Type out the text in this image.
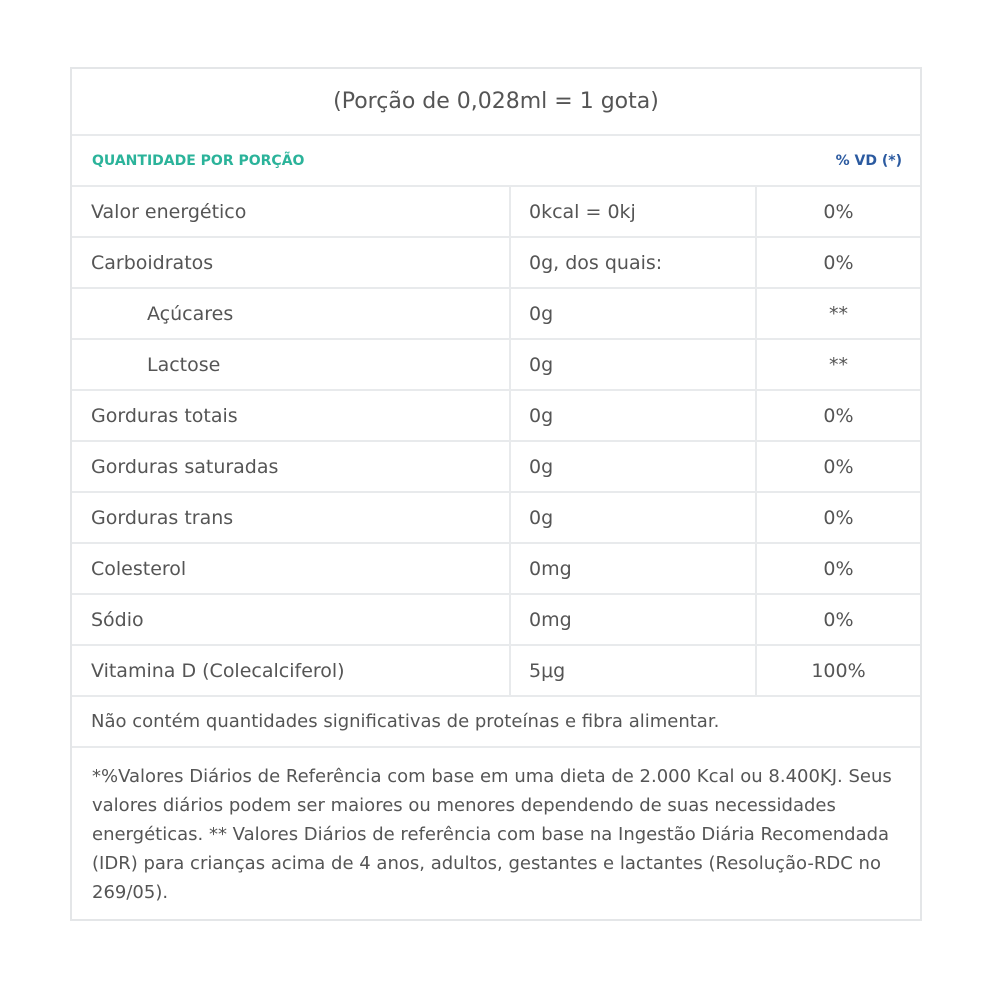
(Porção de 0,028ml = 1 gota)
QUANTIDADE POR PORÇÃO	% VD (*)
Valor energético	0kcal = 0kj	0%
Carboidratos	0g, dos quais:	0%
Açúcares	0g	**
Lactose	0g	**
Gorduras totais	0g	0%
Gorduras saturadas	0g	0%
Gorduras trans	0g	0%
Colesterol	0mg	0%
Sódio	0mg	0%
Vitamina D (Colecalciferol)	5μg	100%
Não contém quantidades significativas de proteínas e fibra alimentar.
*%Valores Diários de Referência com base em uma dieta de 2.000 Kcal ou 8.400KJ. Seus valores diários podem ser maiores ou menores dependendo de suas necessidades energéticas. ** Valores Diários de referência com base na Ingestão Diária Recomendada (IDR) para crianças acima de 4 anos, adultos, gestantes e lactantes (Resolução-RDC no 269/05).
